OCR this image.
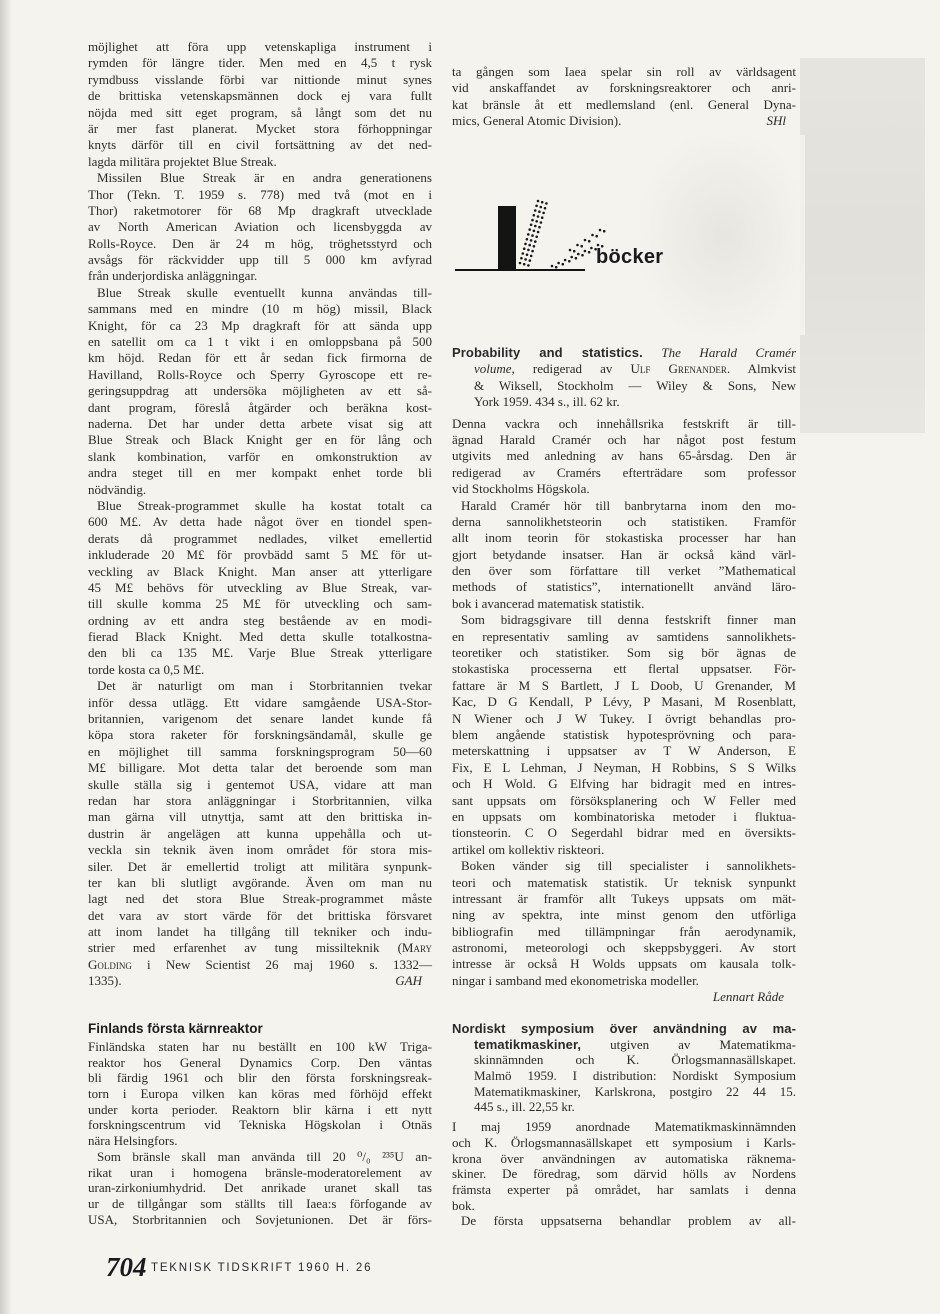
möjlighet att föra upp vetenskapliga instrument i
rymden för längre tider. Men med en 4,5 t rysk
rymdbuss visslande förbi var nittionde minut synes
de brittiska vetenskapsmännen dock ej vara fullt
nöjda med sitt eget program, så långt som det nu
är mer fast planerat. Mycket stora förhoppningar
knyts därför till en civil fortsättning av det ned-
lagda militära projektet Blue Streak.
Missilen Blue Streak är en andra generationens
Thor (Tekn. T. 1959 s. 778) med två (mot en i
Thor) raketmotorer för 68 Mp dragkraft utvecklade
av North American Aviation och licensbyggda av
Rolls-Royce. Den är 24 m hög, tröghetsstyrd och
avsågs för räckvidder upp till 5 000 km avfyrad
från underjordiska anläggningar.
Blue Streak skulle eventuellt kunna användas till-
sammans med en mindre (10 m hög) missil, Black
Knight, för ca 23 Mp dragkraft för att sända upp
en satellit om ca 1 t vikt i en omloppsbana på 500
km höjd. Redan för ett år sedan fick firmorna de
Havilland, Rolls-Royce och Sperry Gyroscope ett re-
geringsuppdrag att undersöka möjligheten av ett så-
dant program, föreslå åtgärder och beräkna kost-
naderna. Det har under detta arbete visat sig att
Blue Streak och Black Knight ger en för lång och
slank kombination, varför en omkonstruktion av
andra steget till en mer kompakt enhet torde bli
nödvändig.
Blue Streak-programmet skulle ha kostat totalt ca
600 M£. Av detta hade något över en tiondel spen-
derats då programmet nedlades, vilket emellertid
inkluderade 20 M£ för provbädd samt 5 M£ för ut-
veckling av Black Knight. Man anser att ytterligare
45 M£ behövs för utveckling av Blue Streak, var-
till skulle komma 25 M£ för utveckling och sam-
ordning av ett andra steg bestående av en modi-
fierad Black Knight. Med detta skulle totalkostna-
den bli ca 135 M£. Varje Blue Streak ytterligare
torde kosta ca 0,5 M£.
Det är naturligt om man i Storbritannien tvekar
inför dessa utlägg. Ett vidare samgående USA-Stor-
britannien, varigenom det senare landet kunde få
köpa stora raketer för forskningsändamål, skulle ge
en möjlighet till samma forskningsprogram 50—60
M£ billigare. Mot detta talar det beroende som man
skulle ställa sig i gentemot USA, vidare att man
redan har stora anläggningar i Storbritannien, vilka
man gärna vill utnyttja, samt att den brittiska in-
dustrin är angelägen att kunna uppehålla och ut-
veckla sin teknik även inom området för stora mis-
siler. Det är emellertid troligt att militära synpunk-
ter kan bli slutligt avgörande. Även om man nu
lagt ned det stora Blue Streak-programmet måste
det vara av stort värde för det brittiska försvaret
att inom landet ha tillgång till tekniker och indu-
strier med erfarenhet av tung missilteknik (Mary
Golding i New Scientist 26 maj 1960 s. 1332—
1335).	GAH
Finlands första kärnreaktor
Finländska staten har nu beställt en 100 kW Triga-
reaktor hos General Dynamics Corp. Den väntas
bli färdig 1961 och blir den första forskningsreak-
torn i Europa vilken kan köras med förhöjd effekt
under korta perioder. Reaktorn blir kärna i ett nytt
forskningscentrum vid Tekniska Högskolan i Otnäs
nära Helsingfors.
Som bränsle skall man använda till 20 ⁰/₀ ²³⁵U an-
rikat uran i homogena bränsle-moderatorelement av
uran-zirkoniumhydrid. Det anrikade uranet skall tas
ur de tillgångar som ställts till Iaea:s förfogande av
USA, Storbritannien och Sovjetunionen. Det är förs-
ta gången som Iaea spelar sin roll av världsagent
vid anskaffandet av forskningsreaktorer och anri-
kat bränsle åt ett medlemsland (enl. General Dyna-
mics, General Atomic Division).	SHl
böcker
Probability and statistics. The Harald Cramér
volume, redigerad av Ulf Grenander. Almkvist
& Wiksell, Stockholm — Wiley & Sons, New
York 1959. 434 s., ill. 62 kr.
Denna vackra och innehållsrika festskrift är till-
ägnad Harald Cramér och har något post festum
utgivits med anledning av hans 65-årsdag. Den är
redigerad av Cramérs efterträdare som professor
vid Stockholms Högskola.
Harald Cramér hör till banbrytarna inom den mo-
derna sannolikhetsteorin och statistiken. Framför
allt inom teorin för stokastiska processer har han
gjort betydande insatser. Han är också känd värl-
den över som författare till verket ”Mathematical
methods of statistics”, internationellt använd läro-
bok i avancerad matematisk statistik.
Som bidragsgivare till denna festskrift finner man
en representativ samling av samtidens sannolikhets-
teoretiker och statistiker. Som sig bör ägnas de
stokastiska processerna ett flertal uppsatser. För-
fattare är M S Bartlett, J L Doob, U Grenander, M
Kac, D G Kendall, P Lévy, P Masani, M Rosenblatt,
N Wiener och J W Tukey. I övrigt behandlas pro-
blem angående statistisk hypotesprövning och para-
meterskattning i uppsatser av T W Anderson, E
Fix, E L Lehman, J Neyman, H Robbins, S S Wilks
och H Wold. G Elfving har bidragit med en intres-
sant uppsats om försöksplanering och W Feller med
en uppsats om kombinatoriska metoder i fluktua-
tionsteorin. C O Segerdahl bidrar med en översikts-
artikel om kollektiv riskteori.
Boken vänder sig till specialister i sannolikhets-
teori och matematisk statistik. Ur teknisk synpunkt
intressant är framför allt Tukeys uppsats om mät-
ning av spektra, inte minst genom den utförliga
bibliografin med tillämpningar från aerodynamik,
astronomi, meteorologi och skeppsbyggeri. Av stort
intresse är också H Wolds uppsats om kausala tolk-
ningar i samband med ekonometriska modeller.
Lennart Råde
Nordiskt symposium över användning av ma-
tematikmaskiner, utgiven av Matematikma-
skinnämnden och K. Örlogsmannasällskapet.
Malmö 1959. I distribution: Nordiskt Symposium
Matematikmaskiner, Karlskrona, postgiro 22 44 15.
445 s., ill. 22,55 kr.
I maj 1959 anordnade Matematikmaskinnämnden
och K. Örlogsmannasällskapet ett symposium i Karls-
krona över användningen av automatiska räknema-
skiner. De föredrag, som därvid hölls av Nordens
främsta experter på området, har samlats i denna
bok.
De första uppsatserna behandlar problem av all-
704 TEKNISK TIDSKRIFT 1960 H. 26
